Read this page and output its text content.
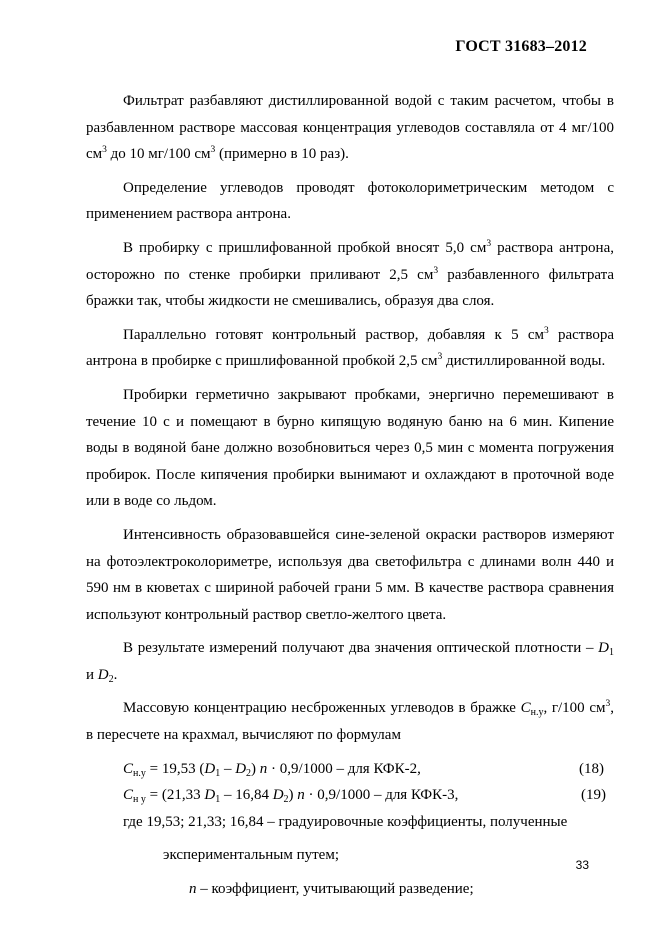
ГОСТ 31683–2012

Фильтрат разбавляют дистиллированной водой с таким расчетом, чтобы в разбавленном растворе массовая концентрация углеводов составляла от 4 мг/100 $см^3$ до 10 мг/100 $см^3$ (примерно в 10 раз).

Определение углеводов проводят фотоколориметрическим методом с применением раствора антрона.

В пробирку с пришлифованной пробкой вносят 5,0 $см^3$ раствора антрона, осторожно по стенке пробирки приливают 2,5 $см^3$ разбавленного фильтрата бражки так, чтобы жидкости не смешивались, образуя два слоя.

Параллельно готовят контрольный раствор, добавляя к 5 $см^3$ раствора антрона в пробирке с пришлифованной пробкой 2,5 $см^3$ дистиллированной воды.

Пробирки герметично закрывают пробками, энергично перемешивают в течение 10 с и помещают в бурно кипящую водяную баню на 6 мин. Кипение воды в водяной бане должно возобновиться через 0,5 мин с момента погружения пробирок. После кипячения пробирки вынимают и охлаждают в проточной воде или в воде со льдом.

Интенсивность образовавшейся сине-зеленой окраски растворов измеряют на фотоэлектроколориметре, используя два светофильтра с длинами волн 440 и 590 нм в кюветах с шириной рабочей грани 5 мм. В качестве раствора сравнения используют контрольный раствор светло-желтого цвета.

В результате измерений получают два значения оптической плотности – $D_1$ и $D_2$.

Массовую концентрацию несброженных углеводов в бражке $C_{н.у}$, г/100 $см^3$, в пересчете на крахмал, вычисляют по формулам

$C_{н.у} = 19,53$ $(D_1 - D_2) n \cdot 0,9/1000$ – для КФК-2,	(18)
$C_{н у} = (21,33$ $D_1 - 16,84$ $D_2$) n · 0,9/1000 – для КФК-3,	(19)

где 19,53; 21,33; 16,84 – градуировочные коэффициенты, полученные

экспериментальным путем;

n – коэффициент, учитывающий разведение;

33
